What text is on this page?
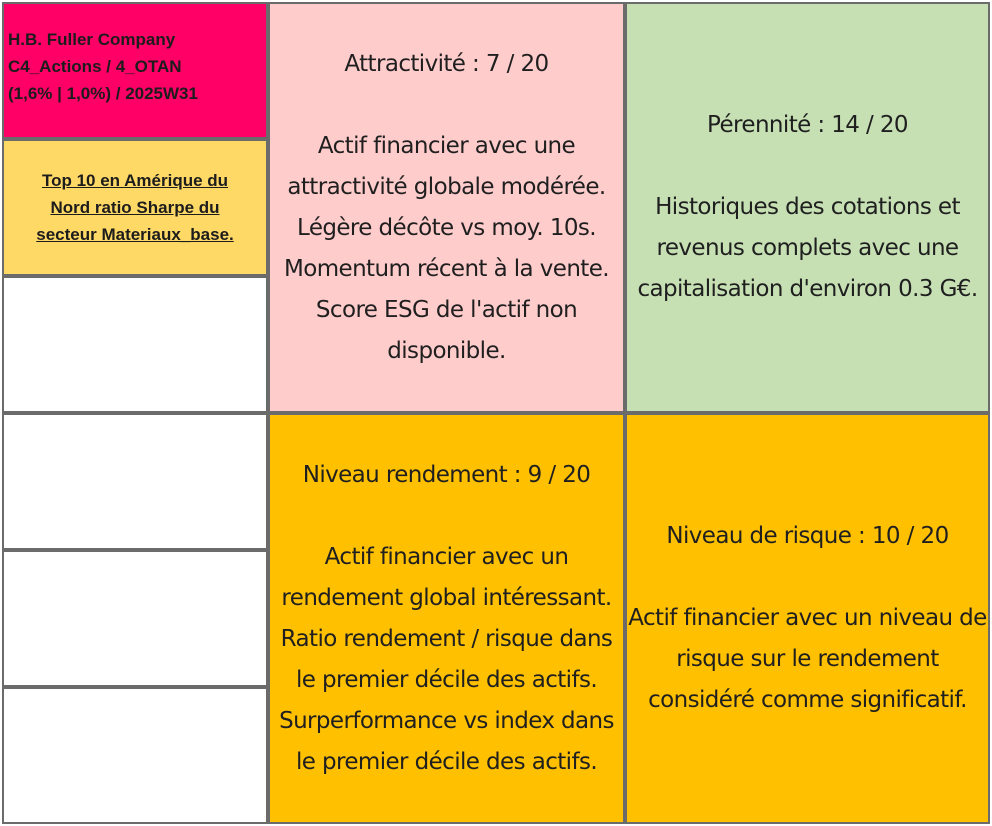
H.B. Fuller Company
C4_Actions / 4_OTAN
(1,6% | 1,0%) / 2025W31
Top 10 en Amérique du
Nord ratio Sharpe du
secteur Materiaux_base.
Attractivité : 7 / 20
Actif financier avec une
attractivité globale modérée.
Légère décôte vs moy. 10s.
Momentum récent à la vente.
Score ESG de l'actif non
disponible.
Pérennité : 14 / 20
Historiques des cotations et
revenus complets avec une
capitalisation d'environ 0.3 G€.
Niveau rendement : 9 / 20
Actif financier avec un
rendement global intéressant.
Ratio rendement / risque dans
le premier décile des actifs.
Surperformance vs index dans
le premier décile des actifs.
Niveau de risque : 10 / 20
Actif financier avec un niveau de
risque sur le rendement
considéré comme significatif.
